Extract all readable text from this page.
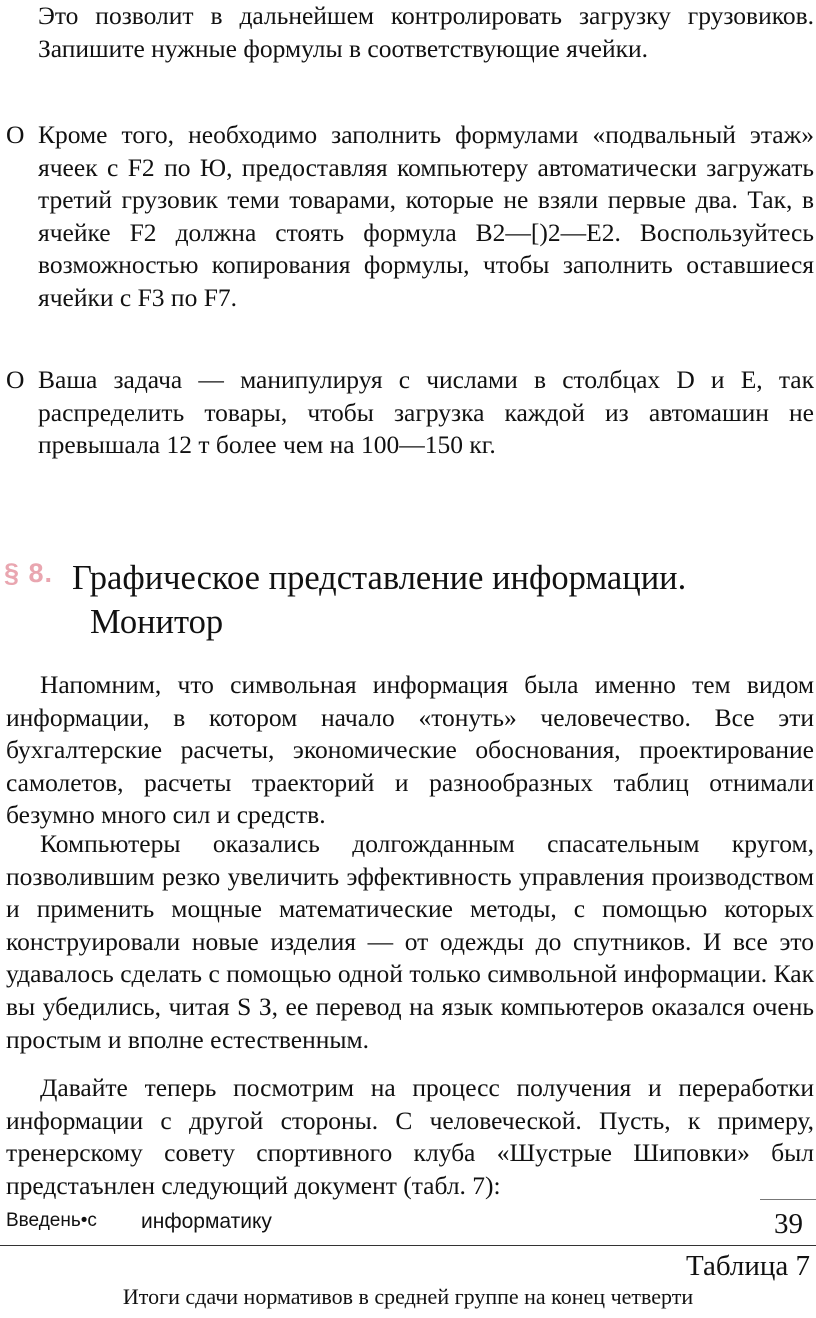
Это позволит в дальнейшем контролировать загрузку грузовиков. Запишите нужные формулы в соответствующие ячейки.
О Кроме того, необходимо заполнить формулами «подвальный этаж» ячеек с F2 по Ю, предоставляя компьютеру автоматически загружать третий грузовик теми товарами, которые не взяли первые два. Так, в ячейке F2 должна стоять формула В2—[)2—Е2. Воспользуйтесь возможностью копирования формулы, чтобы заполнить оставшиеся ячейки с F3 по F7.
О Ваша задача — манипулируя с числами в столбцах D и Е, так распределить товары, чтобы загрузка каждой из автомашин не превышала 12 т более чем на 100—150 кг.
§ 8. Графическое представление информации.
Монитор

Напомним, что символьная информация была именно тем видом информации, в котором начало «тонуть» человечество. Все эти бухгалтерские расчеты, экономические обоснования, проектирование самолетов, расчеты траекторий и разнообразных таблиц отнимали безумно много сил и средств.

Компьютеры оказались долгожданным спасательным кругом, позволившим резко увеличить эффективность управления производством и применить мощные математические методы, с помощью которых конструировали новые изделия — от одежды до спутников. И все это удавалось сделать с помощью одной только символьной информации. Как вы убедились, читая S З, ее перевод на язык компьютеров оказался очень простым и вполне естественным.

Давайте теперь посмотрим на процесс получения и переработки информации с другой стороны. С человеческой. Пусть, к примеру, тренерскому совету спортивного клуба «Шустрые Шиповки» был предстаънлен следующий документ (табл. 7):

Введень•с информатику	39
Таблица 7
Итоги сдачи нормативов в средней группе на конец четверти
